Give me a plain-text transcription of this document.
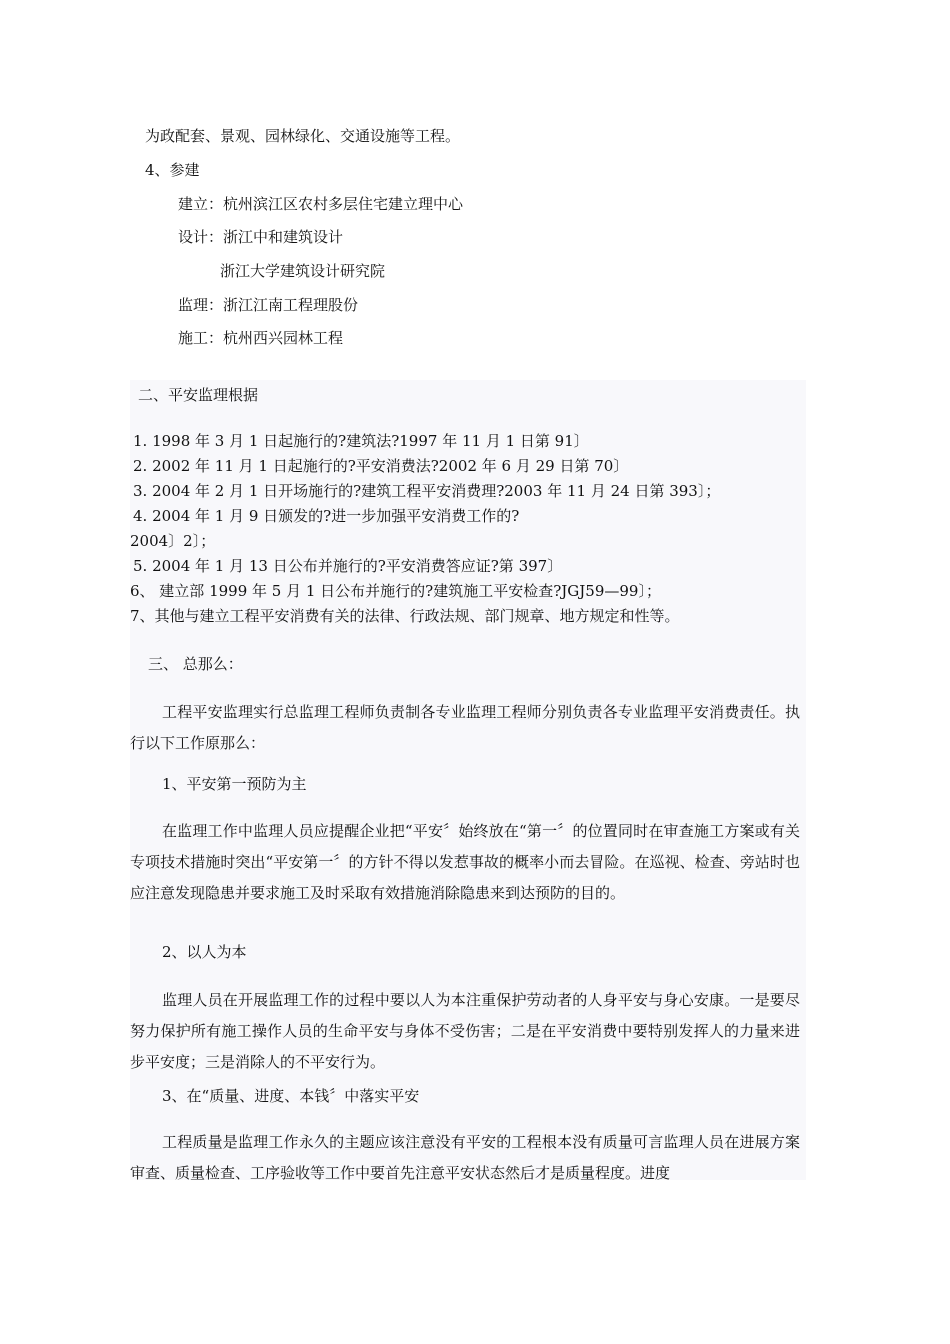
为政配套、景观、园林绿化、交通设施等工程。
4、参建
建立：杭州滨江区农村多层住宅建立理中心
设计：浙江中和建筑设计
浙江大学建筑设计研究院
监理：浙江江南工程理股份
施工：杭州西兴园林工程
二、平安监理根据
1. 1998 年 3 月 1 日起施行的?建筑法?1997 年 11 月 1 日第 91〕
2. 2002 年 11 月 1 日起施行的?平安消费法?2002 年 6 月 29 日第 70〕
3. 2004 年 2 月 1 日开场施行的?建筑工程平安消费理?2003 年 11 月 24 日第 393〕；
4. 2004 年 1 月 9 日颁发的?进一步加强平安消费工作的?
2004〕2〕；
5. 2004 年 1 月 13 日公布并施行的?平安消费答应证?第 397〕
6、 建立部 1999 年 5 月 1 日公布并施行的?建筑施工平安检查?JGJ59—99〕；
7、其他与建立工程平安消费有关的法律、行政法规、部门规章、地方规定和性等。
三、 总那么：
工程平安监理实行总监理工程师负责制各专业监理工程师分别负责各专业监理平安消费责任。执行以下工作原那么：
1、平安第一预防为主
在监理工作中监理人员应提醒企业把“平安〞始终放在“第一〞的位置同时在审查施工方案或有关专项技术措施时突出“平安第一〞的方针不得以发惹事故的概率小而去冒险。在巡视、检查、旁站时也应注意发现隐患并要求施工及时采取有效措施消除隐患来到达预防的目的。
2、以人为本
监理人员在开展监理工作的过程中要以人为本注重保护劳动者的人身平安与身心安康。一是要尽努力保护所有施工操作人员的生命平安与身体不受伤害；二是在平安消费中要特别发挥人的力量来进步平安度；三是消除人的不平安行为。
3、在“质量、进度、本钱〞中落实平安
工程质量是监理工作永久的主题应该注意没有平安的工程根本没有质量可言监理人员在进展方案审查、质量检查、工序验收等工作中要首先注意平安状态然后才是质量程度。进度
